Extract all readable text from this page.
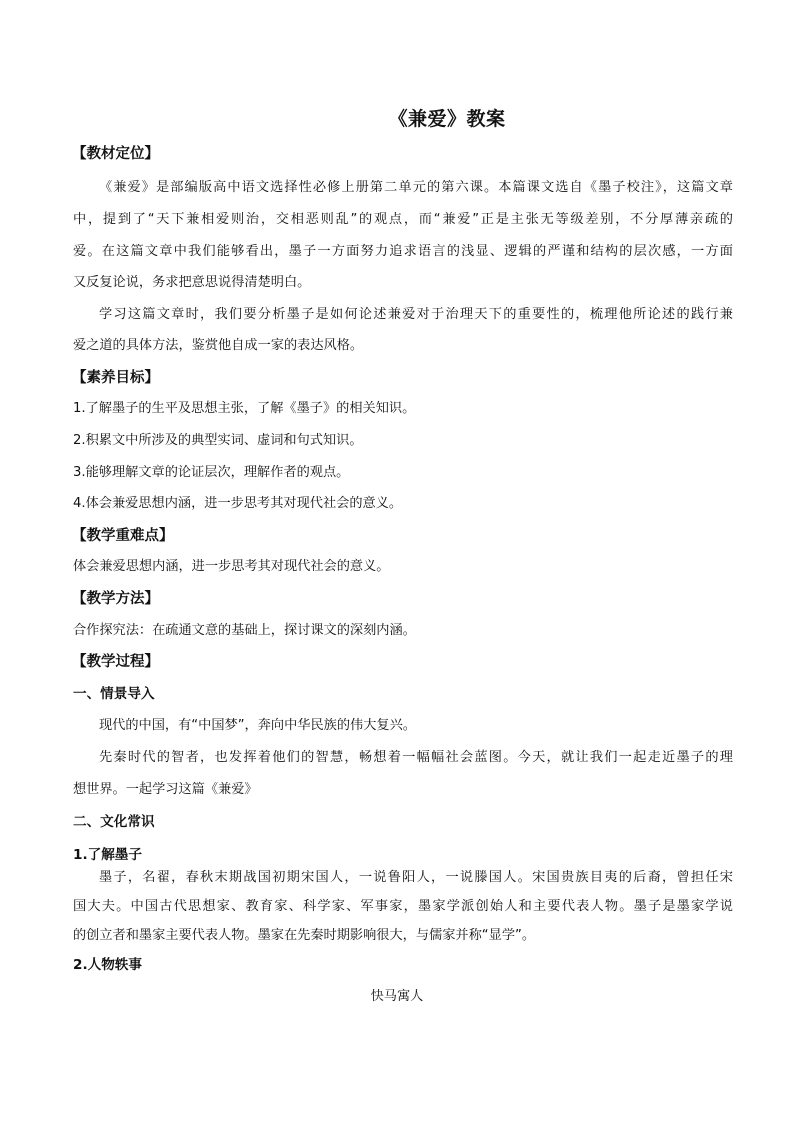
《兼爱》教案
【教材定位】
《兼爱》是部编版高中语文选择性必修上册第二单元的第六课。本篇课文选自《墨子校注》，这篇文章
中，提到了“天下兼相爱则治，交相恶则乱”的观点，而“兼爱”正是主张无等级差别，不分厚薄亲疏的
爱。在这篇文章中我们能够看出，墨子一方面努力追求语言的浅显、逻辑的严谨和结构的层次感，一方面
又反复论说，务求把意思说得清楚明白。
学习这篇文章时，我们要分析墨子是如何论述兼爱对于治理天下的重要性的，梳理他所论述的践行兼
爱之道的具体方法，鉴赏他自成一家的表达风格。
【素养目标】
1.了解墨子的生平及思想主张，了解《墨子》的相关知识。
2.积累文中所涉及的典型实词、虚词和句式知识。
3.能够理解文章的论证层次，理解作者的观点。
4.体会兼爱思想内涵，进一步思考其对现代社会的意义。
【教学重难点】
体会兼爱思想内涵，进一步思考其对现代社会的意义。
【教学方法】
合作探究法：在疏通文意的基础上，探讨课文的深刻内涵。
【教学过程】
一、情景导入
现代的中国，有“中国梦”，奔向中华民族的伟大复兴。
先秦时代的智者，也发挥着他们的智慧，畅想着一幅幅社会蓝图。今天，就让我们一起走近墨子的理
想世界。一起学习这篇《兼爱》
二、文化常识
1.了解墨子
墨子，名翟，春秋末期战国初期宋国人，一说鲁阳人，一说滕国人。宋国贵族目夷的后裔，曾担任宋
国大夫。中国古代思想家、教育家、科学家、军事家，墨家学派创始人和主要代表人物。墨子是墨家学说
的创立者和墨家主要代表人物。墨家在先秦时期影响很大，与儒家并称“显学”。
2.人物轶事
快马寓人
